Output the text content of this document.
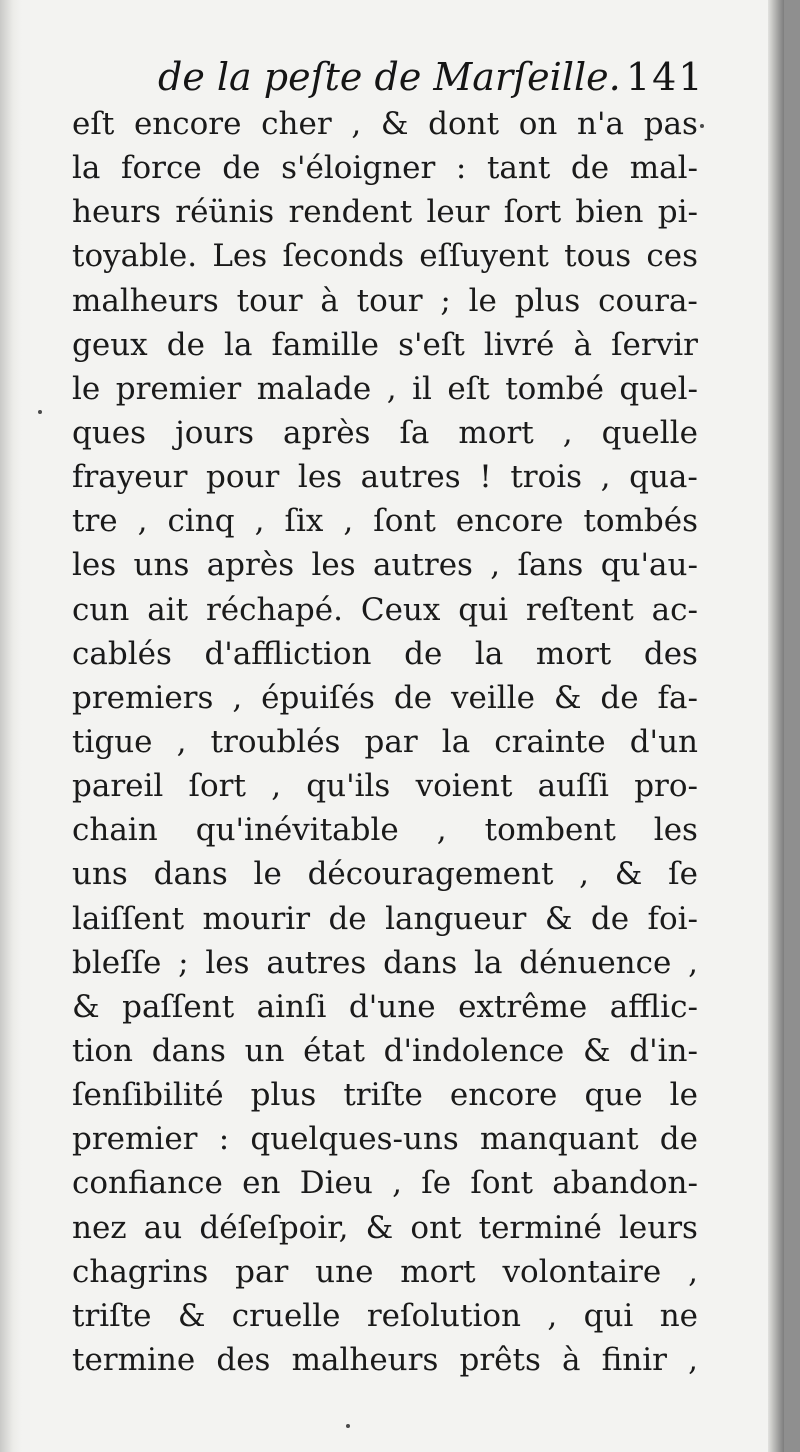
de la peſte de Marſeille. 141
eſt encore cher , & dont on n'a pas
la force de s'éloigner : tant de mal-
heurs réünis rendent leur ſort bien pi-
toyable. Les ſeconds eſſuyent tous ces
malheurs tour à tour ; le plus coura-
geux de la famille s'eſt livré à ſervir
le premier malade , il eſt tombé quel-
ques jours après ſa mort , quelle
frayeur pour les autres ! trois , qua-
tre , cinq , ſix , ſont encore tombés
les uns après les autres , ſans qu'au-
cun ait réchapé. Ceux qui reſtent ac-
cablés d'affliction de la mort des
premiers , épuiſés de veille & de fa-
tigue , troublés par la crainte d'un
pareil ſort , qu'ils voient auſſi pro-
chain qu'inévitable , tombent les
uns dans le découragement , & ſe
laiſſent mourir de langueur & de foi-
bleſſe ; les autres dans la dénuence ,
& paſſent ainſi d'une extrême afflic-
tion dans un état d'indolence & d'in-
ſenſibilité plus triſte encore que le
premier : quelques-uns manquant de
confiance en Dieu , ſe ſont abandon-
nez au déſeſpoir, & ont terminé leurs
chagrins par une mort volontaire ,
triſte & cruelle reſolution , qui ne
termine des malheurs prêts à finir ,
